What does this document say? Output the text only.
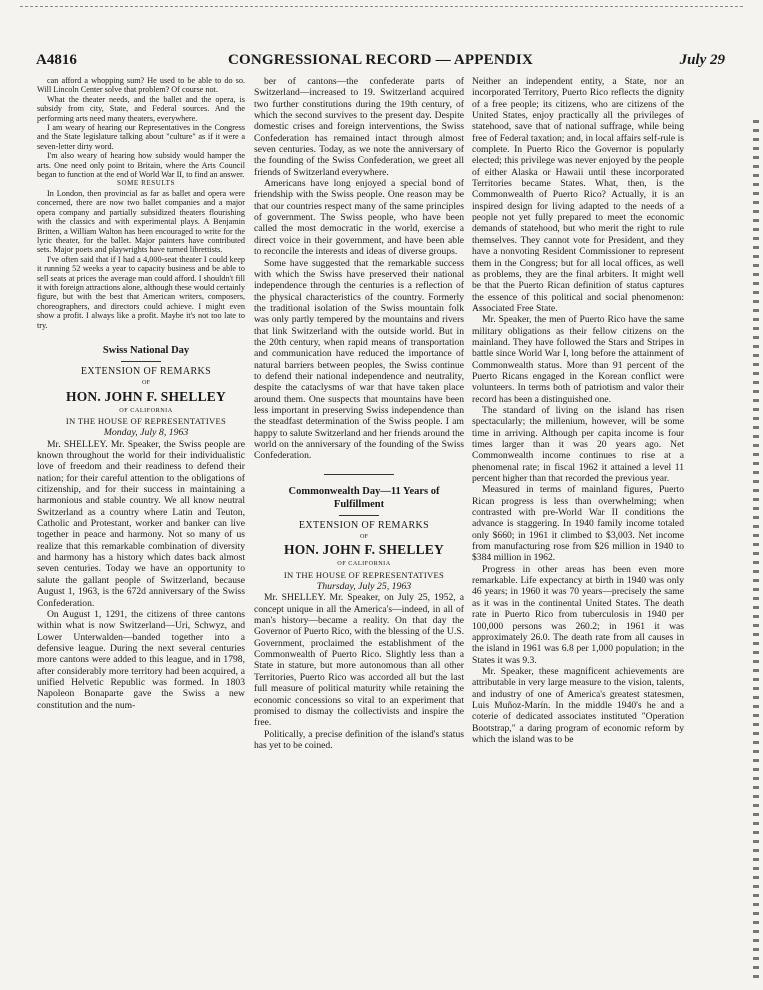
A4816	CONGRESSIONAL RECORD — APPENDIX	July 29

can afford a whopping sum? He used to be able to do so. Will Lincoln Center solve that problem? Of course not.

What the theater needs, and the ballet and the opera, is subsidy from city, State, and Federal sources. And the performing arts need many theaters, everywhere.

I am weary of hearing our Representatives in the Congress and the State legislature talking about "culture" as if it were a seven-letter dirty word.

I'm also weary of hearing how subsidy would hamper the arts. One need only point to Britain, where the Arts Council began to function at the end of World War II, to find an answer.

SOME RESULTS

In London, then provincial as far as ballet and opera were concerned, there are now two ballet companies and a major opera company and partially subsidized theaters flourishing with the classics and with experimental plays. A Benjamin Britten, a William Walton has been encouraged to write for the lyric theater, for the ballet. Major painters have contributed sets. Major poets and playwrights have turned librettists.

I've often said that if I had a 4,000-seat theater I could keep it running 52 weeks a year to capacity business and be able to sell seats at prices the average man could afford. I shouldn't fill it with foreign attractions alone, although these would certainly figure, but with the best that American writers, composers, choreographers, and directors could achieve. I might even show a profit. I always like a profit. Maybe it's not too late to try.

Swiss National Day

EXTENSION OF REMARKS

OF

HON. JOHN F. SHELLEY

OF CALIFORNIA

IN THE HOUSE OF REPRESENTATIVES

Monday, July 8, 1963

Mr. SHELLEY. Mr. Speaker, the Swiss people are known throughout the world for their individualistic love of freedom and their readiness to defend their nation; for their careful attention to the obligations of citizenship, and for their success in maintaining a harmonious and stable country. We all know neutral Switzerland as a country where Latin and Teuton, Catholic and Protestant, worker and banker can live together in peace and harmony. Not so many of us realize that this remarkable combination of diversity and harmony has a history which dates back almost seven centuries. Today we have an opportunity to salute the gallant people of Switzerland, because August 1, 1963, is the 672d anniversary of the Swiss Confederation.

On August 1, 1291, the citizens of three cantons within what is now Switzerland—Uri, Schwyz, and Lower Unterwalden—banded together into a defensive league. During the next several centuries more cantons were added to this league, and in 1798, after considerably more territory had been acquired, a unified Helvetic Republic was formed. In 1803 Napoleon Bonaparte gave the Swiss a new constitution and the num-

ber of cantons—the confederate parts of Switzerland—increased to 19. Switzerland acquired two further constitutions during the 19th century, of which the second survives to the present day. Despite domestic crises and foreign interventions, the Swiss Confederation has remained intact through almost seven centuries. Today, as we note the anniversary of the founding of the Swiss Confederation, we greet all friends of Switzerland everywhere.

Americans have long enjoyed a special bond of friendship with the Swiss people. One reason may be that our countries respect many of the same principles of government. The Swiss people, who have been called the most democratic in the world, exercise a direct voice in their government, and have been able to reconcile the interests and ideas of diverse groups.

Some have suggested that the remarkable success with which the Swiss have preserved their national independence through the centuries is a reflection of the physical characteristics of the country. Formerly the traditional isolation of the Swiss mountain folk was only partly tempered by the mountains and rivers that link Switzerland with the outside world. But in the 20th century, when rapid means of transportation and communication have reduced the importance of natural barriers between peoples, the Swiss continue to defend their national independence and neutrality, despite the cataclysms of war that have taken place around them. One suspects that mountains have been less important in preserving Swiss independence than the steadfast determination of the Swiss people. I am happy to salute Switzerland and her friends around the world on the anniversary of the founding of the Swiss Confederation.

Commonwealth Day—11 Years of Fulfillment

EXTENSION OF REMARKS

OF

HON. JOHN F. SHELLEY

OF CALIFORNIA

IN THE HOUSE OF REPRESENTATIVES

Thursday, July 25, 1963

Mr. SHELLEY. Mr. Speaker, on July 25, 1952, a concept unique in all the America's—indeed, in all of man's history—became a reality. On that day the Governor of Puerto Rico, with the blessing of the U.S. Government, proclaimed the establishment of the Commonwealth of Puerto Rico. Slightly less than a State in stature, but more autonomous than all other Territories, Puerto Rico was accorded all but the last full measure of political maturity while retaining the economic concessions so vital to an experiment that promised to dismay the collectivists and inspire the free.

Politically, a precise definition of the island's status has yet to be coined.

Neither an independent entity, a State, nor an incorporated Territory, Puerto Rico reflects the dignity of a free people; its citizens, who are citizens of the United States, enjoy practically all the privileges of statehood, save that of national suffrage, while being free of Federal taxation; and, in local affairs self-rule is complete. In Puerto Rico the Governor is popularly elected; this privilege was never enjoyed by the people of either Alaska or Hawaii until these incorporated Territories became States. What, then, is the Commonwealth of Puerto Rico? Actually, it is an inspired design for living adapted to the needs of a people not yet fully prepared to meet the economic demands of statehood, but who merit the right to rule themselves. They cannot vote for President, and they have a nonvoting Resident Commissioner to represent them in the Congress; but for all local offices, as well as problems, they are the final arbiters. It might well be that the Puerto Rican definition of status captures the essence of this political and social phenomenon: Associated Free State.

Mr. Speaker, the men of Puerto Rico have the same military obligations as their fellow citizens on the mainland. They have followed the Stars and Stripes in battle since World War I, long before the attainment of Commonwealth status. More than 91 percent of the Puerto Ricans engaged in the Korean conflict were volunteers. In terms both of patriotism and valor their record has been a distinguished one.

The standard of living on the island has risen spectacularly; the millenium, however, will be some time in arriving. Although per capita income is four times larger than it was 20 years ago. Net Commonwealth income continues to rise at a phenomenal rate; in fiscal 1962 it attained a level 11 percent higher than that recorded the previous year.

Measured in terms of mainland figures, Puerto Rican progress is less than overwhelming; when contrasted with pre-World War II conditions the advance is staggering. In 1940 family income totaled only $660; in 1961 it climbed to $3,003. Net income from manufacturing rose from $26 million in 1940 to $384 million in 1962.

Progress in other areas has been even more remarkable. Life expectancy at birth in 1940 was only 46 years; in 1960 it was 70 years—precisely the same as it was in the continental United States. The death rate in Puerto Rico from tuberculosis in 1940 per 100,000 persons was 260.2; in 1961 it was approximately 26.0. The death rate from all causes in the island in 1961 was 6.8 per 1,000 population; in the States it was 9.3.

Mr. Speaker, these magnificent achievements are attributable in very large measure to the vision, talents, and industry of one of America's greatest statesmen, Luis Muñoz-Marín. In the middle 1940's he and a coterie of dedicated associates instituted "Operation Bootstrap," a daring program of economic reform by which the island was to be
